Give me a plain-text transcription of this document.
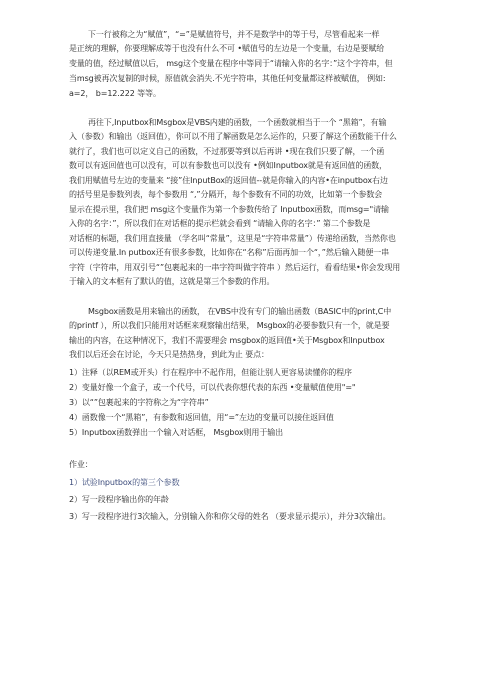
下一行被称之为“赋值”，“=”是赋值符号，并不是数学中的等于号，尽管看起来一样
是正统的理解，你要理解成等于也没有什么不可 •赋值号的左边是一个变量，右边是要赋给
变量的值，经过赋值以后， msg这个变量在程序中等同于“请输入你的名字：”这个字符串，但
当msg被再次复制的时候，原值就会消失.不光字符串，其他任何变量都这样被赋值， 例如:
a=2， b=12.222 等等。
再往下,Inputbox和Msgbox是VBS内建的函数，一个函数就相当于一个 “黑箱”，有输
入（参数）和输出（返回值），你可以不用了解函数是怎么运作的，只要了解这个函数能干什么
就行了，我们也可以定义自己的函数，不过那要等到以后再讲 •现在我们只要了解，一个函
数可以有返回值也可以没有，可以有参数也可以没有 •例如Inputbox就是有返回值的函数，
我们用赋值号左边的变量来 “接”住InputBox的返回值--就是你输入的内容•在inputbox右边
的括号里是参数列表，每个参数用 “,”分隔开，每个参数有不同的功效，比如第一个参数会
显示在提示里，我们把 msg这个变量作为第一个参数传给了 Inputbox函数，而msg="请输
入你的名字：”，所以我们在对话框的提示栏就会看到 “请输入你的名字：” 第二个参数是
对话框的标题，我们用直接量 （学名叫“常量”，这里是“字符串常量”）传递给函数，当然你也
可以传递变量.In putbox还有很多参数，比如你在“名称”后面再加一个“，”然后输入随便一串
字符（字符串，用双引号“”包裹起来的一串字符叫做字符串 ）然后运行，看看结果•你会发现用
于输入的文本框有了默认的值，这就是第三个参数的作用。
Msgbox函数是用来输出的函数， 在VBS中没有专门的输出函数（BASIC中的print,C中
的printf ），所以我们只能用对话框来观察输出结果， Msgbox的必要参数只有一个，就是要
输出的内容，在这种情况下，我们不需要理会 msgbox的返回值•关于Msgbox和Inputbox
我们以后还会在讨论，今天只是热热身，到此为止 要点：
1）注释（以REM或开头）行在程序中不起作用，但能让别人更容易读懂你的程序
2）变量好像一个盒子，或一个代号，可以代表你想代表的东西 •变量赋值使用"="
3）以“”包裹起来的字符称之为“字符串”
4）函数像一个“黑箱”，有参数和返回值，用“=”左边的变量可以接住返回值
5）Inputbox函数弹出一个输入对话框， Msgbox则用于输出
作业：
1）试验Inputbox的第三个参数
2）写一段程序输出你的年龄
3）写一段程序进行3次输入，分别输入你和你父母的姓名 （要求显示提示），并分3次输出。
